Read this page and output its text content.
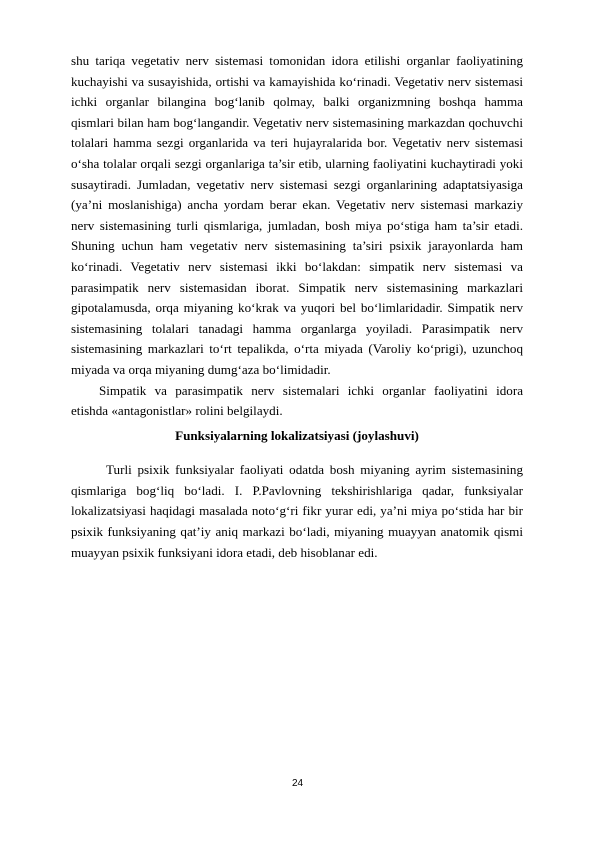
shu tariqa vegetativ nerv sistemasi tomonidan idora etilishi organlar faoliyatining kuchayishi va susayishida, ortishi va kamayishida ko‘rinadi. Vegetativ nerv sistemasi ichki organlar bilangina bog‘lanib qolmay, balki organizmning boshqa hamma qismlari bilan ham bog‘langandir. Vegetativ nerv sistemasining markazdan qochuvchi tolalari hamma sezgi organlarida va teri hujayralarida bor. Vegetativ nerv sistemasi o‘sha tolalar orqali sezgi organlariga ta’sir etib, ularning faoliyatini kuchaytiradi yoki susaytiradi. Jumladan, vegetativ nerv sistemasi sezgi organlarining adaptatsiyasiga (ya’ni moslanishiga) ancha yordam berar ekan. Vegetativ nerv sistemasi markaziy nerv sistemasining turli qismlariga, jumladan, bosh miya po‘stiga ham ta’sir etadi. Shuning uchun ham vegetativ nerv sistemasining ta’siri psixik jarayonlarda ham ko‘rinadi. Vegetativ nerv sistemasi ikki bo‘lakdan: simpatik nerv sistemasi va parasimpatik nerv sistemasidan iborat. Simpatik nerv sistemasining markazlari gipotalamusda, orqa miyaning ko‘krak va yuqori bel bo‘limlaridadir. Simpatik nerv sistemasining tolalari tanadagi hamma organlarga yoyiladi. Parasimpatik nerv sistemasining markazlari to‘rt tepalikda, o‘rta miyada (Varoliy ko‘prigi), uzunchoq miyada va orqa miyaning dumg‘aza bo‘limidadir.

Simpatik va parasimpatik nerv sistemalari ichki organlar faoliyatini idora etishda «antagonistlar» rolini belgilaydi.

Funksiyalarning lokalizatsiyasi (joylashuvi)

Turli psixik funksiyalar faoliyati odatda bosh miyaning ayrim sistemasining qismlariga bog‘liq bo‘ladi. I. P.Pavlovning tekshirishlariga qadar, funksiyalar lokalizatsiyasi haqidagi masalada noto‘g‘ri fikr yurar edi, ya’ni miya po‘stida har bir psixik funksiyaning qat’iy aniq markazi bo‘ladi, miyaning muayyan anatomik qismi muayyan psixik funksiyani idora etadi, deb hisoblanar edi.

24
